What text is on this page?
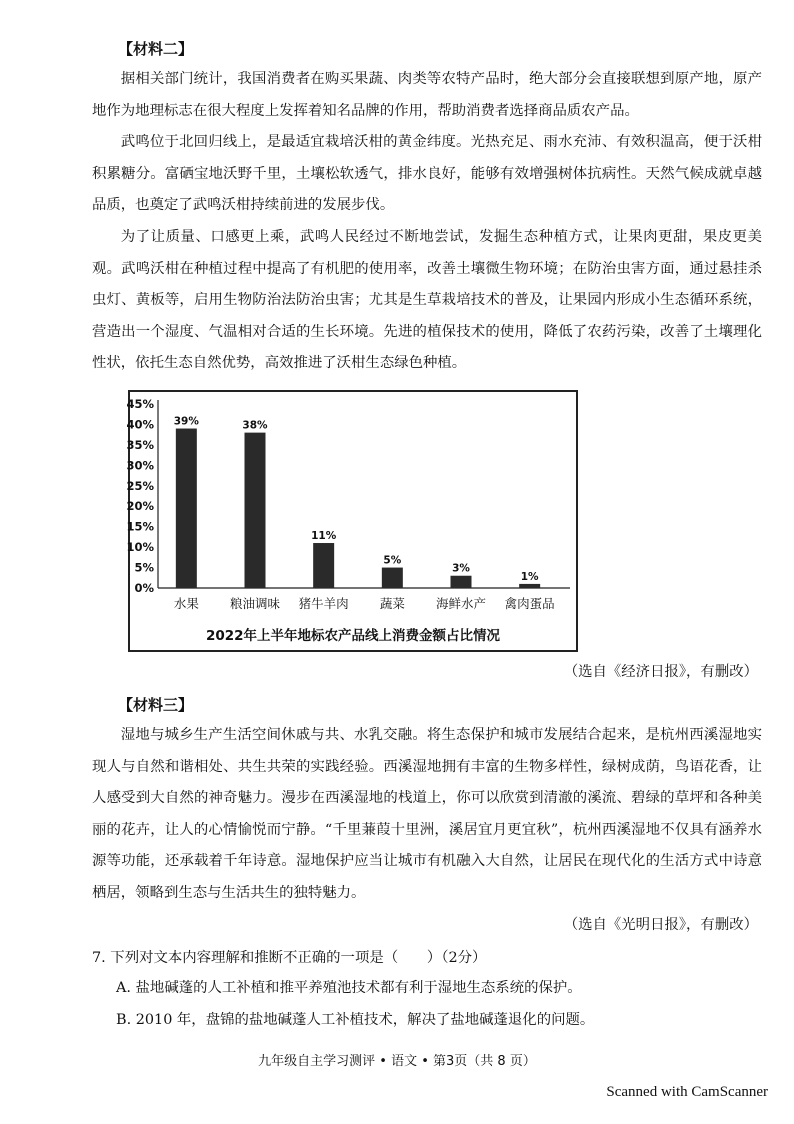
【材料二】

据相关部门统计，我国消费者在购买果蔬、肉类等农特产品时，绝大部分会直接联想到原产地，原产地作为地理标志在很大程度上发挥着知名品牌的作用，帮助消费者选择商品质农产品。

武鸣位于北回归线上，是最适宜栽培沃柑的黄金纬度。光热充足、雨水充沛、有效积温高，便于沃柑积累糖分。富硒宝地沃野千里，土壤松软透气，排水良好，能够有效增强树体抗病性。天然气候成就卓越品质，也奠定了武鸣沃柑持续前进的发展步伐。

为了让质量、口感更上乘，武鸣人民经过不断地尝试，发掘生态种植方式，让果肉更甜，果皮更美观。武鸣沃柑在种植过程中提高了有机肥的使用率，改善土壤微生物环境；在防治虫害方面，通过悬挂杀虫灯、黄板等，启用生物防治法防治虫害；尤其是生草栽培技术的普及，让果园内形成小生态循环系统，营造出一个湿度、气温相对合适的生长环境。先进的植保技术的使用，降低了农药污染，改善了土壤理化性状，依托生态自然优势，高效推进了沃柑生态绿色种植。

0%
5%
10%
15%
20%
25%
30%
35%
40%
45%
39%
水果
38%
粮油调味
11%
猪牛羊肉
5%
蔬菜
3%
海鲜水产
1%
禽肉蛋品
2022年上半年地标农产品线上消费金额占比情况
（选自《经济日报》，有删改）
【材料三】

湿地与城乡生产生活空间休戚与共、水乳交融。将生态保护和城市发展结合起来，是杭州西溪湿地实现人与自然和谐相处、共生共荣的实践经验。西溪湿地拥有丰富的生物多样性，绿树成荫，鸟语花香，让人感受到大自然的神奇魅力。漫步在西溪湿地的栈道上，你可以欣赏到清澈的溪流、碧绿的草坪和各种美丽的花卉，让人的心情愉悦而宁静。“千里蒹葭十里洲，溪居宜月更宜秋”，杭州西溪湿地不仅具有涵养水源等功能，还承载着千年诗意。湿地保护应当让城市有机融入大自然，让居民在现代化的生活方式中诗意栖居，领略到生态与生活共生的独特魅力。

（选自《光明日报》，有删改）
7. 下列对文本内容理解和推断不正确的一项是（　　）（2分）
A. 盐地碱蓬的人工补植和推平养殖池技术都有利于湿地生态系统的保护。
B. 2010 年，盘锦的盐地碱蓬人工补植技术，解决了盐地碱蓬退化的问题。
九年级自主学习测评 • 语文 • 第3页（共 8 页）
Scanned with CamScanner
